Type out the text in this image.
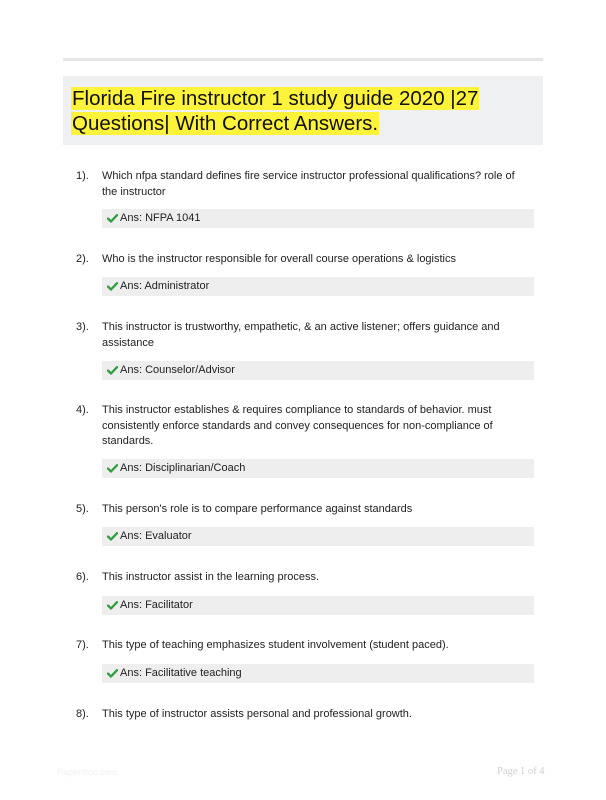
Florida Fire instructor 1 study guide 2020 |27 Questions| With Correct Answers.
1). Which nfpa standard defines fire service instructor professional qualifications? role of the instructor
Ans: NFPA 1041
2). Who is the instructor responsible for overall course operations & logistics
Ans: Administrator
3). This instructor is trustworthy, empathetic, & an active listener; offers guidance and assistance
Ans: Counselor/Advisor
4). This instructor establishes & requires compliance to standards of behavior. must consistently enforce standards and convey consequences for non-compliance of standards.
Ans: Disciplinarian/Coach
5). This person's role is to compare performance against standards
Ans: Evaluator
6). This instructor assist in the learning process.
Ans: Facilitator
7). This type of teaching emphasizes student involvement (student paced).
Ans: Facilitative teaching
8). This type of instructor assists personal and professional growth.
Paperstoc.com	Page 1 of 4
